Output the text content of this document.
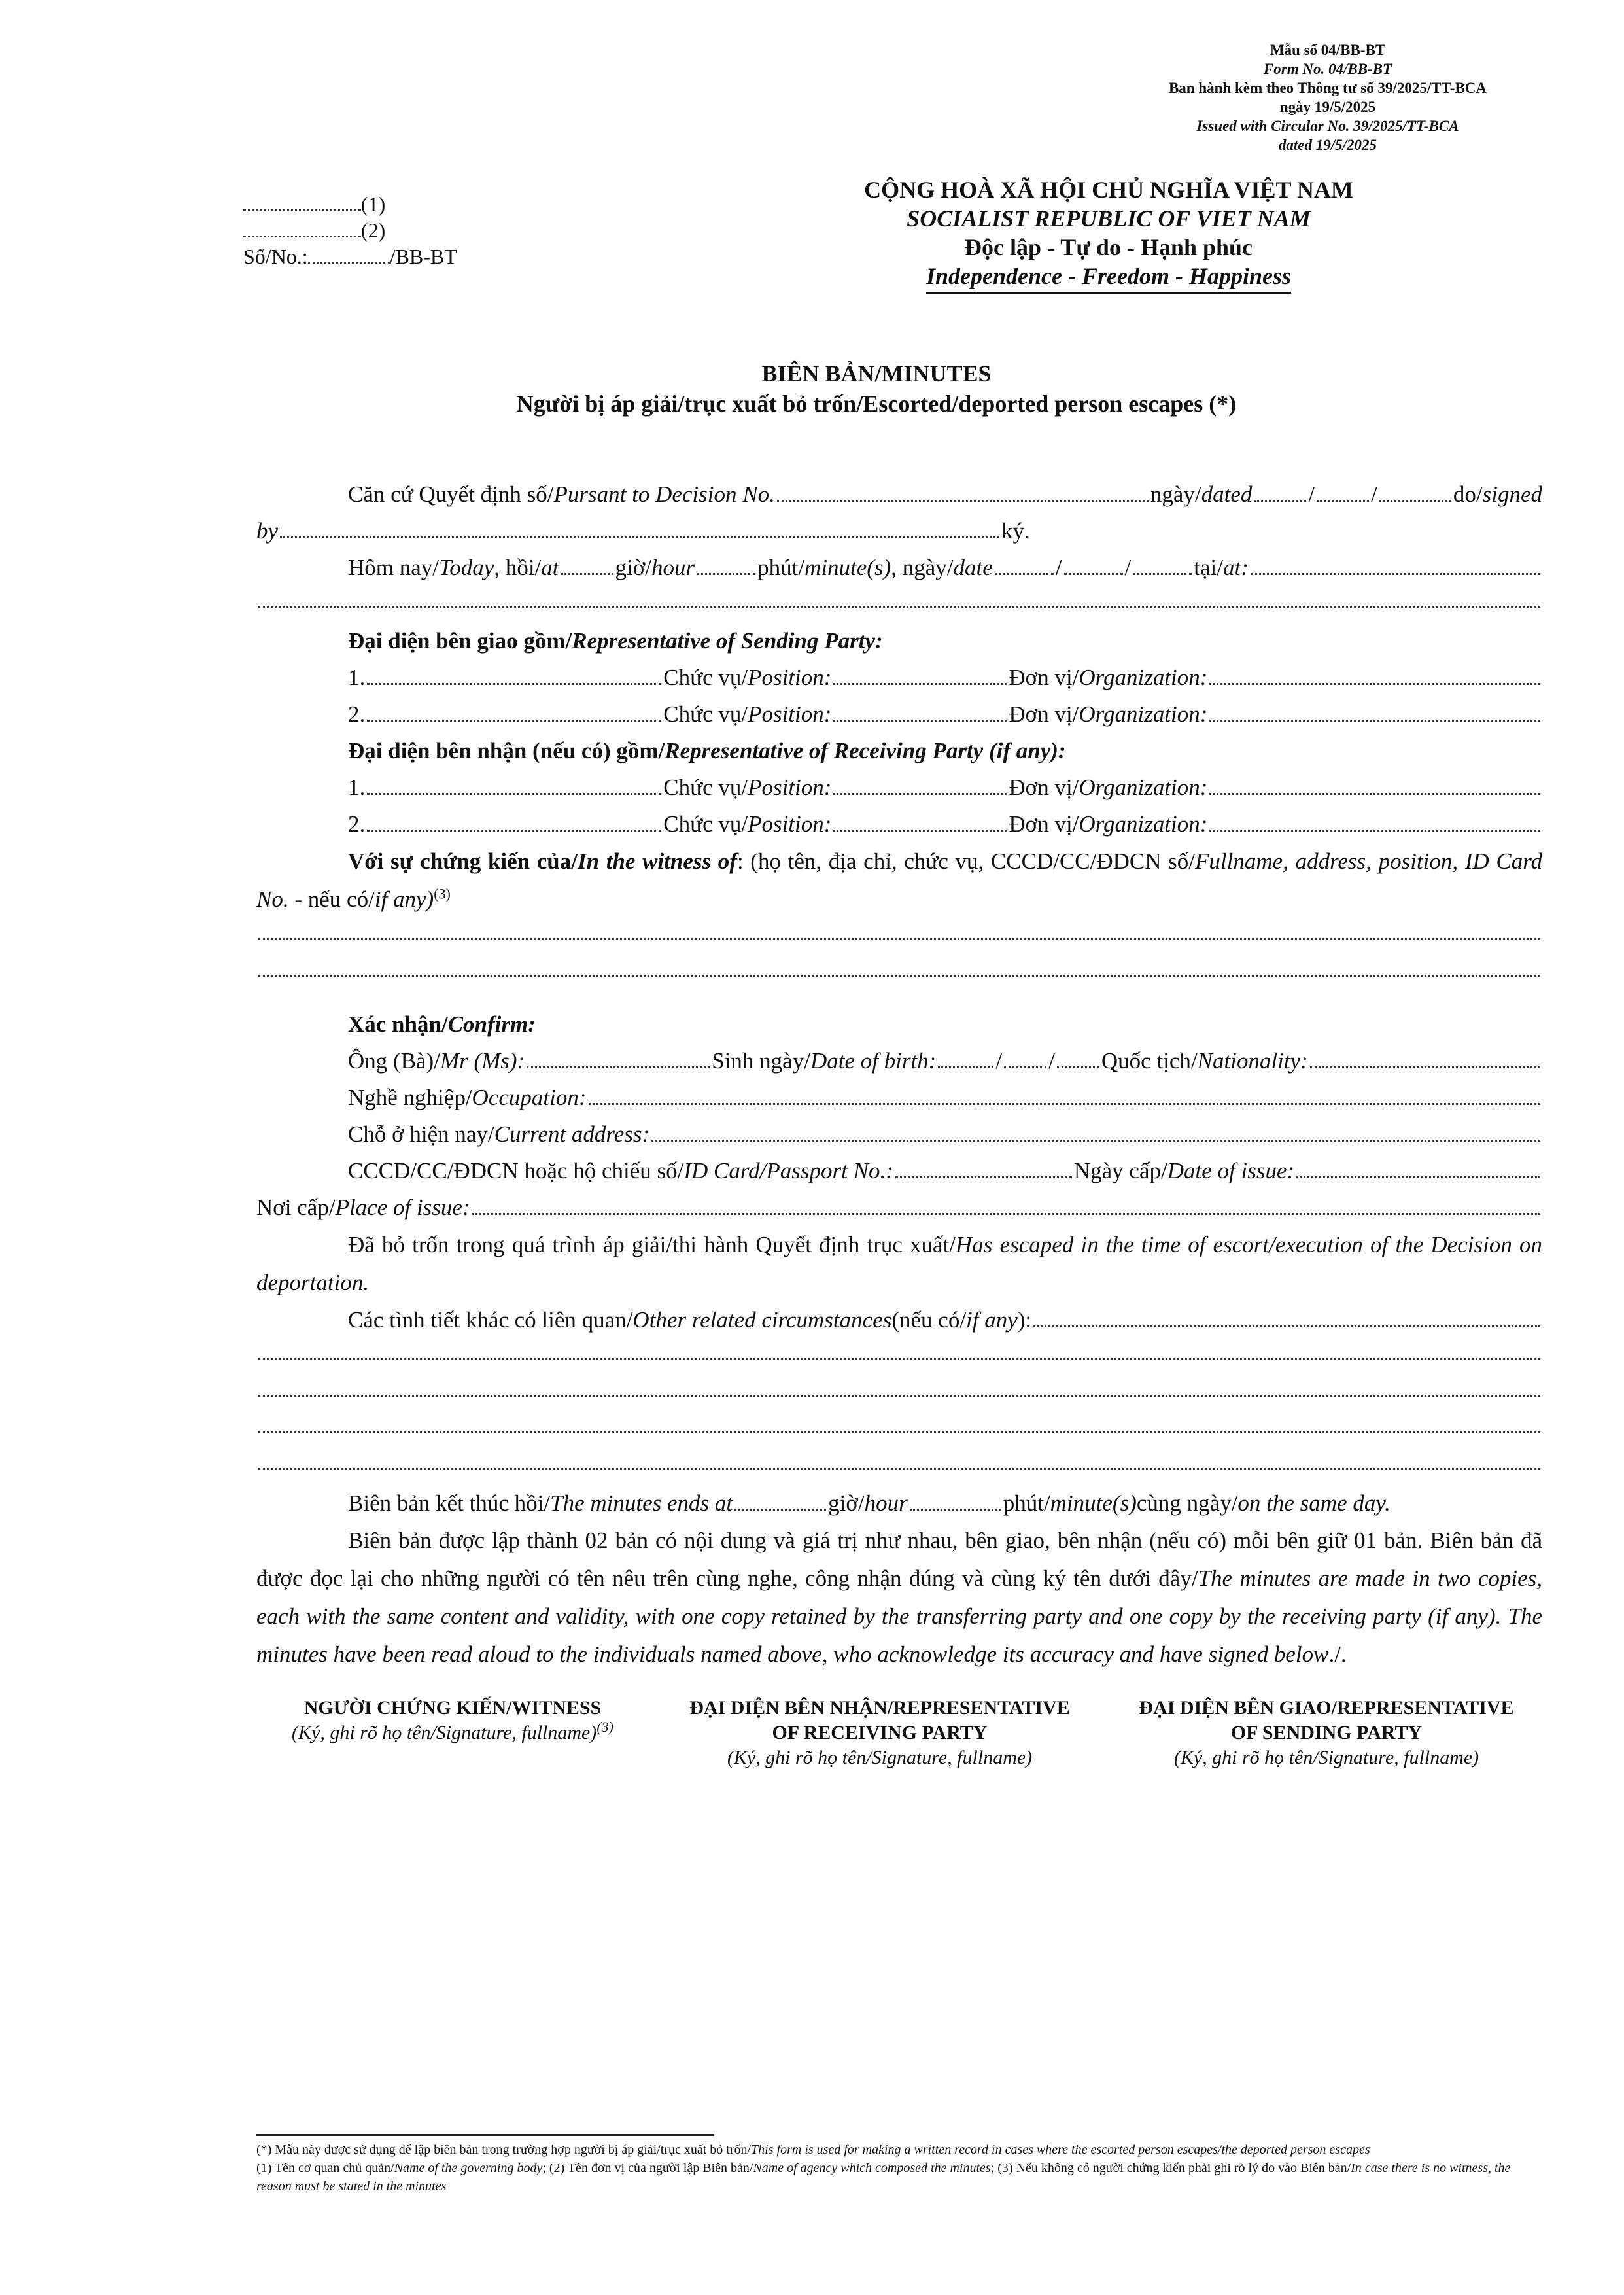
Mẫu số 04/BB-BT
Form No. 04/BB-BT
Ban hành kèm theo Thông tư số 39/2025/TT-BCA
ngày 19/5/2025
Issued with Circular No. 39/2025/TT-BCA
dated 19/5/2025
(1)
(2)
Số/No.:	/BB-BT
CỘNG HOÀ XÃ HỘI CHỦ NGHĨA VIỆT NAM
SOCIALIST REPUBLIC OF VIET NAM
Độc lập - Tự do - Hạnh phúc
Independence - Freedom - Happiness
BIÊN BẢN/MINUTES
Người bị áp giải/trục xuất bỏ trốn/Escorted/deported person escapes (*)
Căn cứ Quyết định số/ Pursant to Decision No.	ngày/ dated / /	do/ signed
by	ký.
Hôm nay/ Today , hồi/ at giờ/ hour	phút/ minute(s) , ngày/ date	/	/	tại/ at:
Đại diện bên giao gồm/ Representative of Sending Party:
1.	Chức vụ/ Position:	Đơn vị/ Organization:
2.	Chức vụ/ Position:	Đơn vị/ Organization:
Đại diện bên nhận (nếu có) gồm/ Representative of Receiving Party (if any):
1.	Chức vụ/ Position:	Đơn vị/ Organization:
2.	Chức vụ/ Position:	Đơn vị/ Organization:
Với sự chứng kiến của/In the witness of: (họ tên, địa chỉ, chức vụ, CCCD/CC/ĐDCN số/Fullname, address, position, ID Card No. - nếu có/if any)$^{(3)}$
Xác nhận/ Confirm:
Ông (Bà)/ Mr (Ms):	Sinh ngày/ Date of birth:	/ / Quốc tịch/ Nationality:
Nghề nghiệp/ Occupation:
Chỗ ở hiện nay/ Current address:
CCCD/CC/ĐDCN hoặc hộ chiếu số/ ID Card/Passport No.:	Ngày cấp/ Date of issue:
Nơi cấp/ Place of issue:
Đã bỏ trốn trong quá trình áp giải/thi hành Quyết định trục xuất/Has escaped in the time of escort/execution of the Decision on deportation.
Các tình tiết khác có liên quan/ Other related circumstances (nếu có/ if any ):
Biên bản kết thúc hồi/ The minutes ends at	giờ/ hour	phút/ minute(s) cùng ngày/ on the same day.
Biên bản được lập thành 02 bản có nội dung và giá trị như nhau, bên giao, bên nhận (nếu có) mỗi bên giữ 01 bản. Biên bản đã được đọc lại cho những người có tên nêu trên cùng nghe, công nhận đúng và cùng ký tên dưới đây/The minutes are made in two copies, each with the same content and validity, with one copy retained by the transferring party and one copy by the receiving party (if any). The minutes have been read aloud to the individuals named above, who acknowledge its accuracy and have signed below./.
NGƯỜI CHỨNG KIẾN/WITNESS
(Ký, ghi rõ họ tên/Signature, fullname)$^{(3)}$
ĐẠI DIỆN BÊN NHẬN/REPRESENTATIVE
OF RECEIVING PARTY
(Ký, ghi rõ họ tên/Signature, fullname)
ĐẠI DIỆN BÊN GIAO/REPRESENTATIVE
OF SENDING PARTY
(Ký, ghi rõ họ tên/Signature, fullname)
(*) Mẫu này được sử dụng để lập biên bản trong trường hợp người bị áp giải/trục xuất bỏ trốn/This form is used for making a written record in cases where the escorted person escapes/the deported person escapes
(1) Tên cơ quan chủ quản/Name of the governing body; (2) Tên đơn vị của người lập Biên bản/Name of agency which composed the minutes; (3) Nếu không có người chứng kiến phải ghi rõ lý do vào Biên bản/In case there is no witness, the reason must be stated in the minutes
